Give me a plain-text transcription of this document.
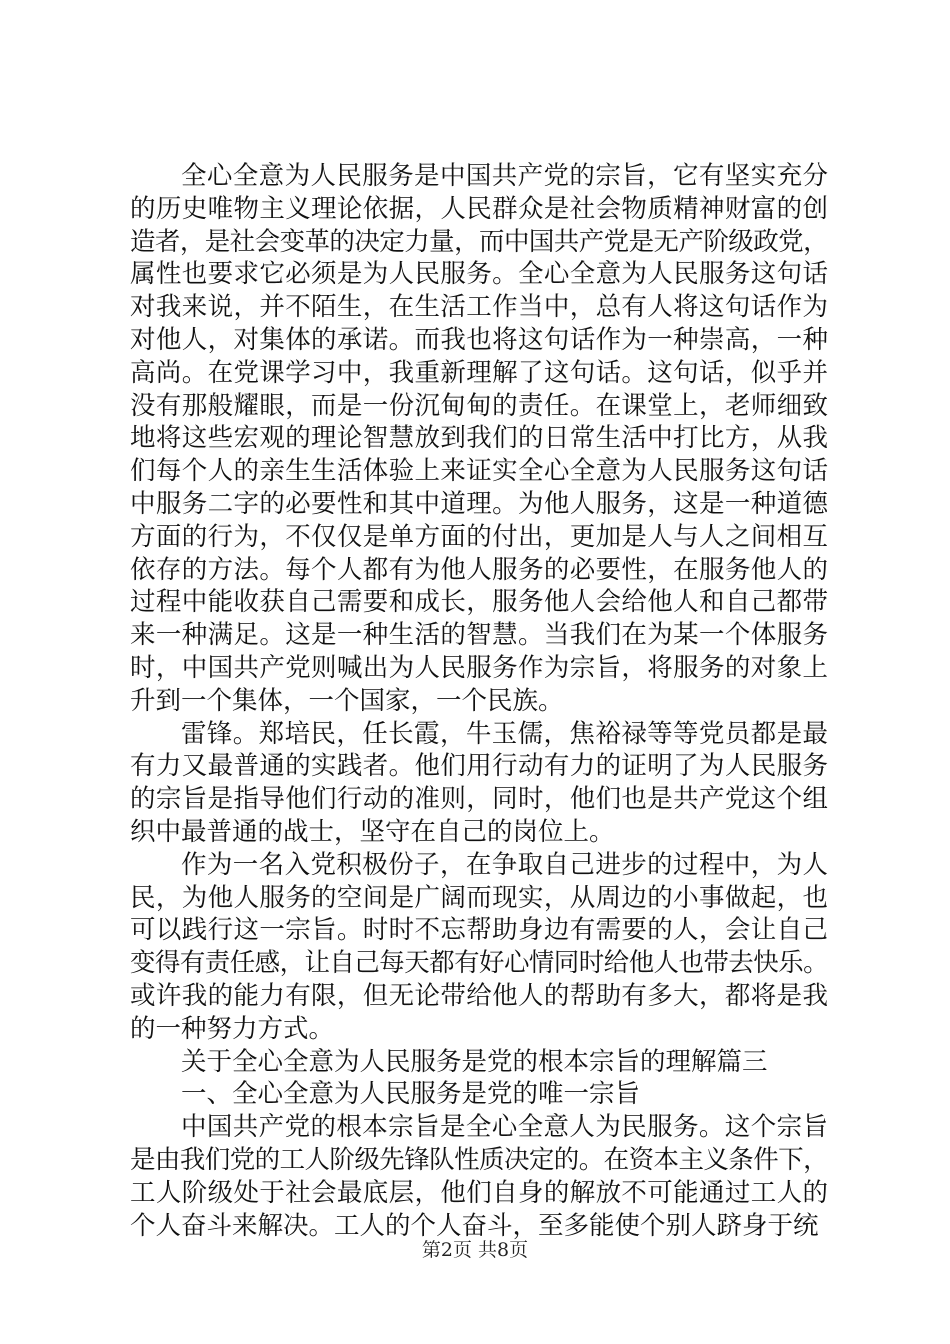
全心全意为人民服务是中国共产党的宗旨，它有坚实充分
的历史唯物主义理论依据，人民群众是社会物质精神财富的创
造者，是社会变革的决定力量，而中国共产党是无产阶级政党，
属性也要求它必须是为人民服务。全心全意为人民服务这句话
对我来说，并不陌生，在生活工作当中，总有人将这句话作为
对他人，对集体的承诺。而我也将这句话作为一种崇高，一种
高尚。在党课学习中，我重新理解了这句话。这句话，似乎并
没有那般耀眼，而是一份沉甸甸的责任。在课堂上，老师细致
地将这些宏观的理论智慧放到我们的日常生活中打比方，从我
们每个人的亲生生活体验上来证实全心全意为人民服务这句话
中服务二字的必要性和其中道理。为他人服务，这是一种道德
方面的行为，不仅仅是单方面的付出，更加是人与人之间相互
依存的方法。每个人都有为他人服务的必要性，在服务他人的
过程中能收获自己需要和成长，服务他人会给他人和自己都带
来一种满足。这是一种生活的智慧。当我们在为某一个体服务
时，中国共产党则喊出为人民服务作为宗旨，将服务的对象上
升到一个集体，一个国家，一个民族。
雷锋。郑培民，任长霞，牛玉儒，焦裕禄等等党员都是最
有力又最普通的实践者。他们用行动有力的证明了为人民服务
的宗旨是指导他们行动的准则，同时，他们也是共产党这个组
织中最普通的战士，坚守在自己的岗位上。
作为一名入党积极份子，在争取自己进步的过程中，为人
民，为他人服务的空间是广阔而现实，从周边的小事做起，也
可以践行这一宗旨。时时不忘帮助身边有需要的人，会让自己
变得有责任感，让自己每天都有好心情同时给他人也带去快乐。
或许我的能力有限，但无论带给他人的帮助有多大，都将是我
的一种努力方式。
关于全心全意为人民服务是党的根本宗旨的理解篇三
一、全心全意为人民服务是党的唯一宗旨
中国共产党的根本宗旨是全心全意人为民服务。这个宗旨
是由我们党的工人阶级先锋队性质决定的。在资本主义条件下，
工人阶级处于社会最底层，他们自身的解放不可能通过工人的
个人奋斗来解决。工人的个人奋斗，至多能使个别人跻身于统
第2页 共8页
